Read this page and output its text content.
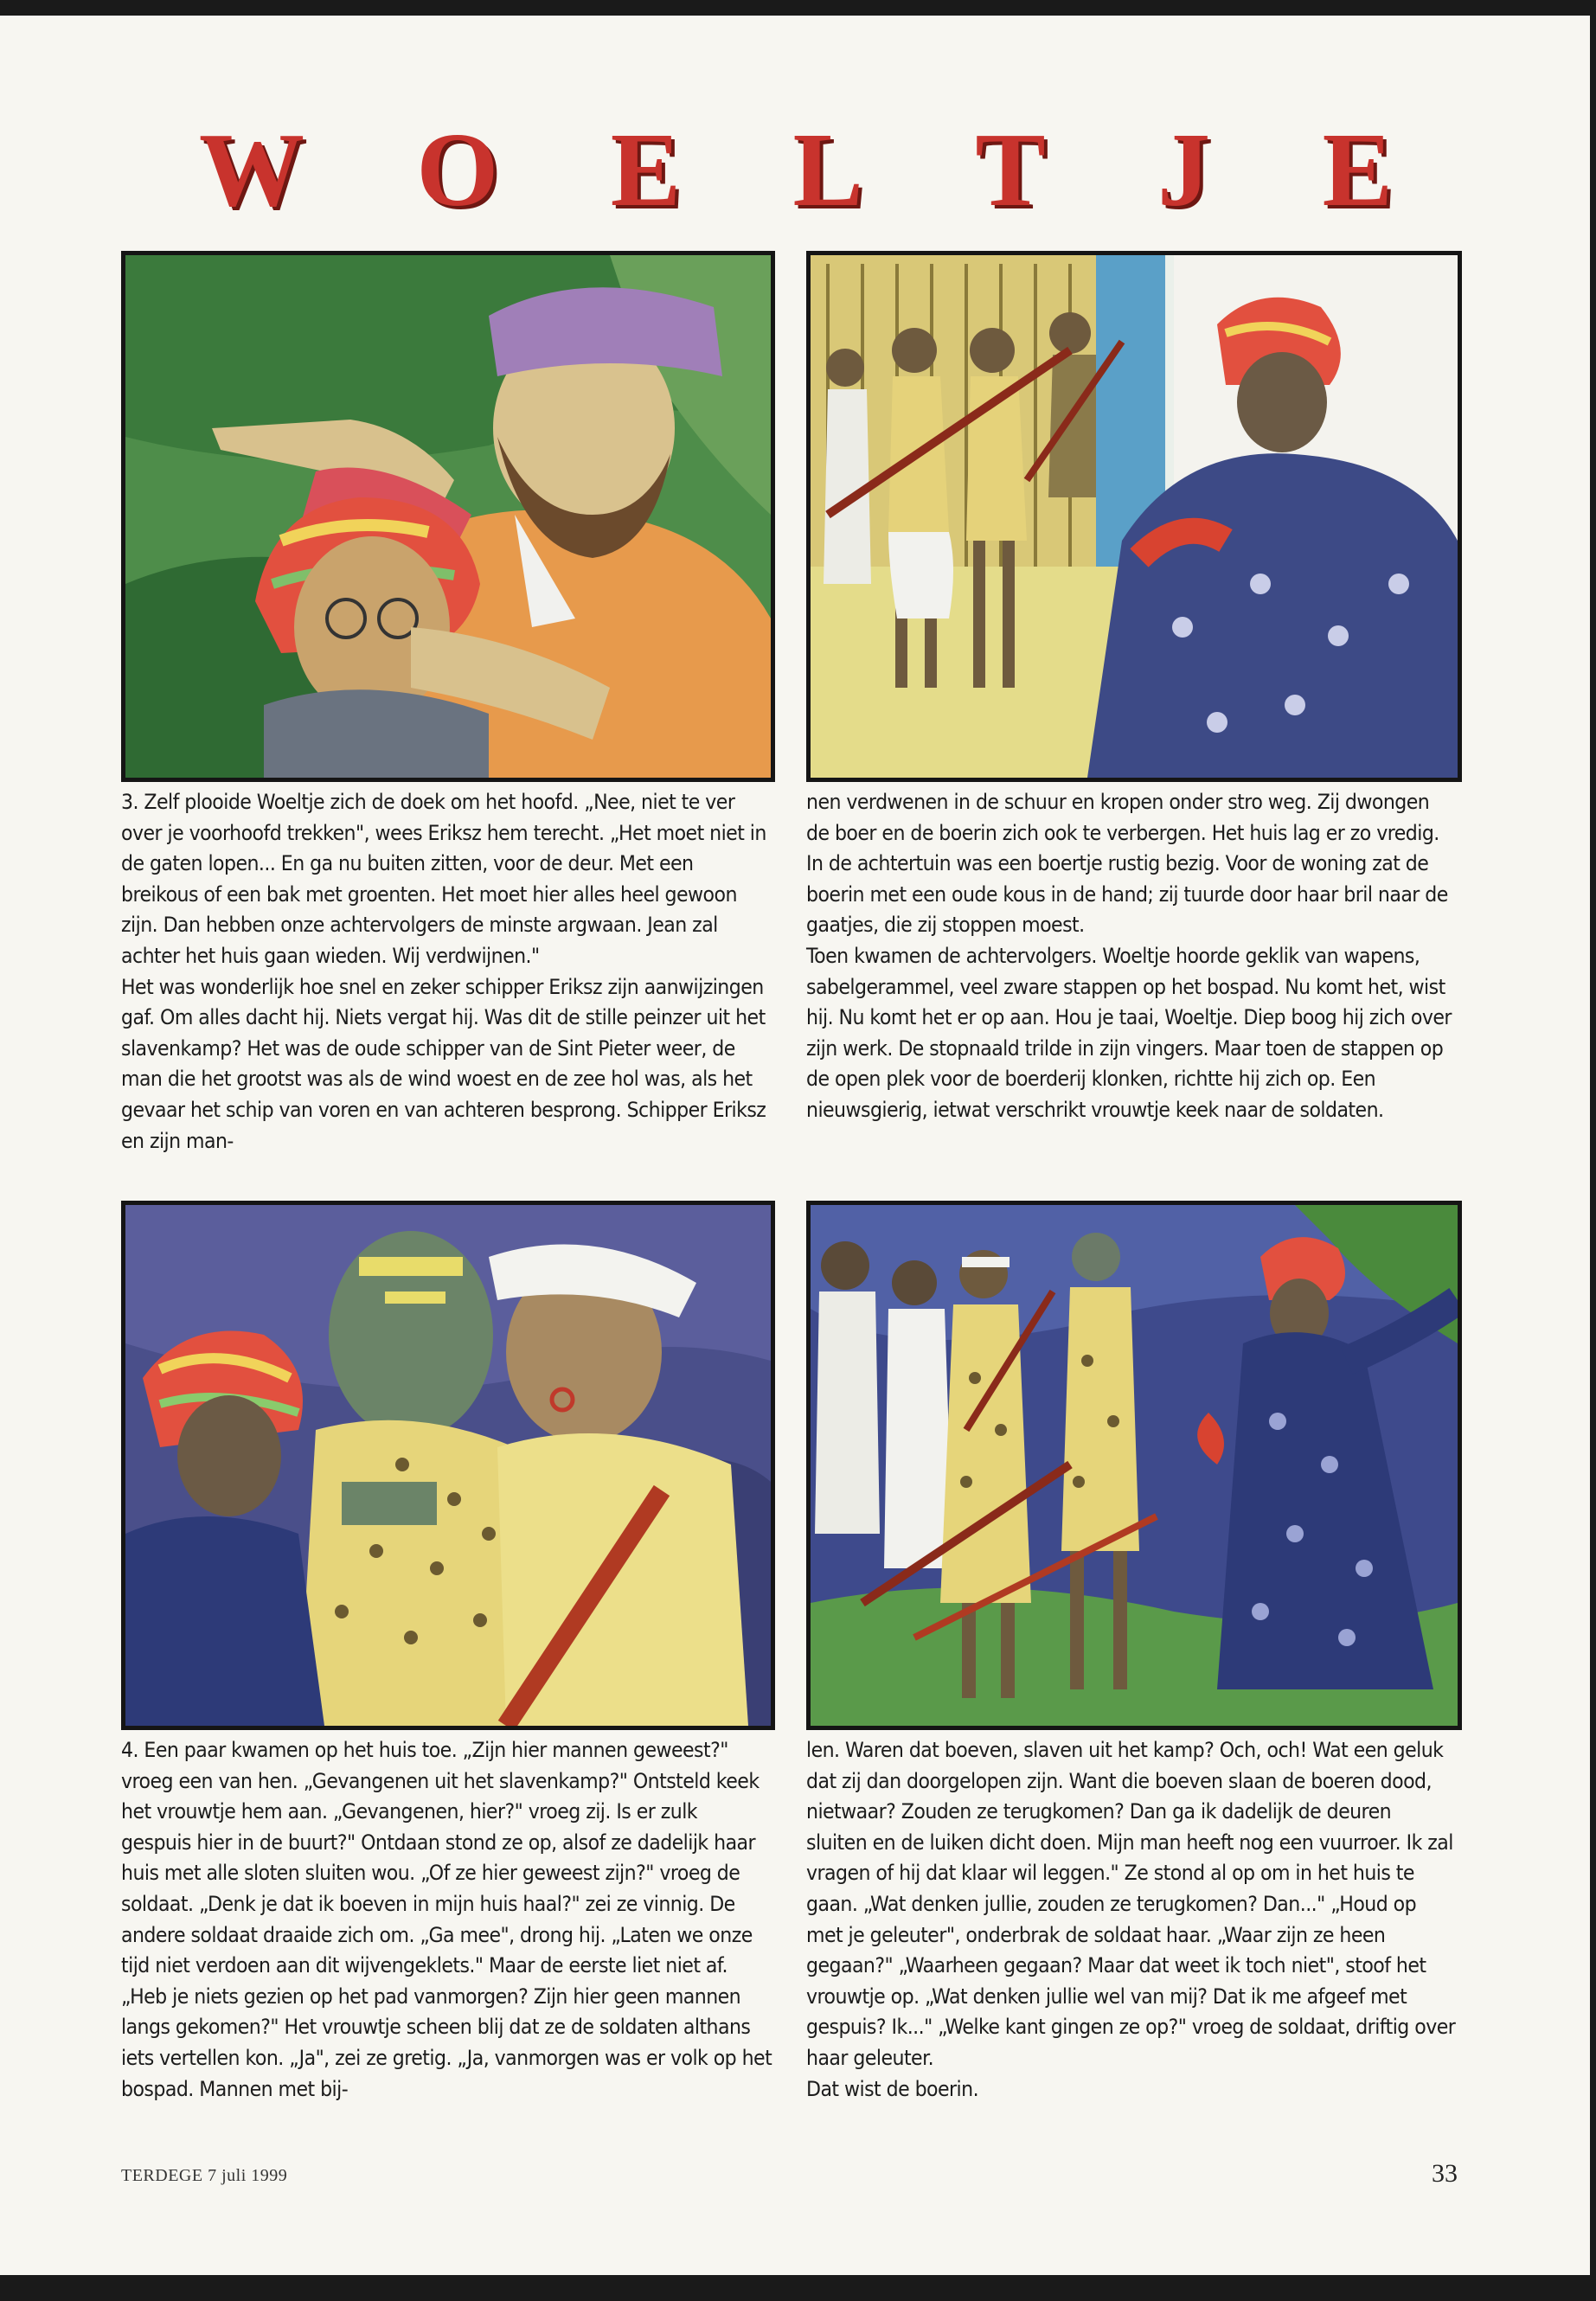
W O E L T J E

3. Zelf plooide Woeltje zich de doek om het hoofd. „Nee, niet te ver over je voorhoofd trekken", wees Eriksz hem terecht. „Het moet niet in de gaten lopen... En ga nu buiten zitten, voor de deur. Met een breikous of een bak met groenten. Het moet hier alles heel gewoon zijn. Dan hebben onze achtervolgers de minste argwaan. Jean zal achter het huis gaan wieden. Wij verdwijnen."

Het was wonderlijk hoe snel en zeker schipper Eriksz zijn aanwijzingen gaf. Om alles dacht hij. Niets vergat hij. Was dit de stille peinzer uit het slavenkamp? Het was de oude schipper van de Sint Pieter weer, de man die het grootst was als de wind woest en de zee hol was, als het gevaar het schip van voren en van achteren besprong. Schipper Eriksz en zijn man-

nen verdwenen in de schuur en kropen onder stro weg. Zij dwongen de boer en de boerin zich ook te verbergen. Het huis lag er zo vredig. In de achtertuin was een boertje rustig bezig. Voor de woning zat de boerin met een oude kous in de hand; zij tuurde door haar bril naar de gaatjes, die zij stoppen moest.

Toen kwamen de achtervolgers. Woeltje hoorde geklik van wapens, sabelgerammel, veel zware stappen op het bospad. Nu komt het, wist hij. Nu komt het er op aan. Hou je taai, Woeltje. Diep boog hij zich over zijn werk. De stopnaald trilde in zijn vingers. Maar toen de stappen op de open plek voor de boerderij klonken, richtte hij zich op. Een nieuwsgierig, ietwat verschrikt vrouwtje keek naar de soldaten.

4. Een paar kwamen op het huis toe. „Zijn hier mannen geweest?" vroeg een van hen. „Gevangenen uit het slavenkamp?" Ontsteld keek het vrouwtje hem aan. „Gevangenen, hier?" vroeg zij. Is er zulk gespuis hier in de buurt?" Ontdaan stond ze op, alsof ze dadelijk haar huis met alle sloten sluiten wou. „Of ze hier geweest zijn?" vroeg de soldaat. „Denk je dat ik boeven in mijn huis haal?" zei ze vinnig. De andere soldaat draaide zich om. „Ga mee", drong hij. „Laten we onze tijd niet verdoen aan dit wijvengeklets." Maar de eerste liet niet af. „Heb je niets gezien op het pad vanmorgen? Zijn hier geen mannen langs gekomen?" Het vrouwtje scheen blij dat ze de soldaten althans iets vertellen kon. „Ja", zei ze gretig. „Ja, vanmorgen was er volk op het bospad. Mannen met bij-

len. Waren dat boeven, slaven uit het kamp? Och, och! Wat een geluk dat zij dan doorgelopen zijn. Want die boeven slaan de boeren dood, nietwaar? Zouden ze terugkomen? Dan ga ik dadelijk de deuren sluiten en de luiken dicht doen. Mijn man heeft nog een vuurroer. Ik zal vragen of hij dat klaar wil leggen." Ze stond al op om in het huis te gaan. „Wat denken jullie, zouden ze terugkomen? Dan..." „Houd op met je geleuter", onderbrak de soldaat haar. „Waar zijn ze heen gegaan?" „Waarheen gegaan? Maar dat weet ik toch niet", stoof het vrouwtje op. „Wat denken jullie wel van mij? Dat ik me afgeef met gespuis? Ik..." „Welke kant gingen ze op?" vroeg de soldaat, driftig over haar geleuter.

Dat wist de boerin.

TERDEGE 7 juli 1999	33
